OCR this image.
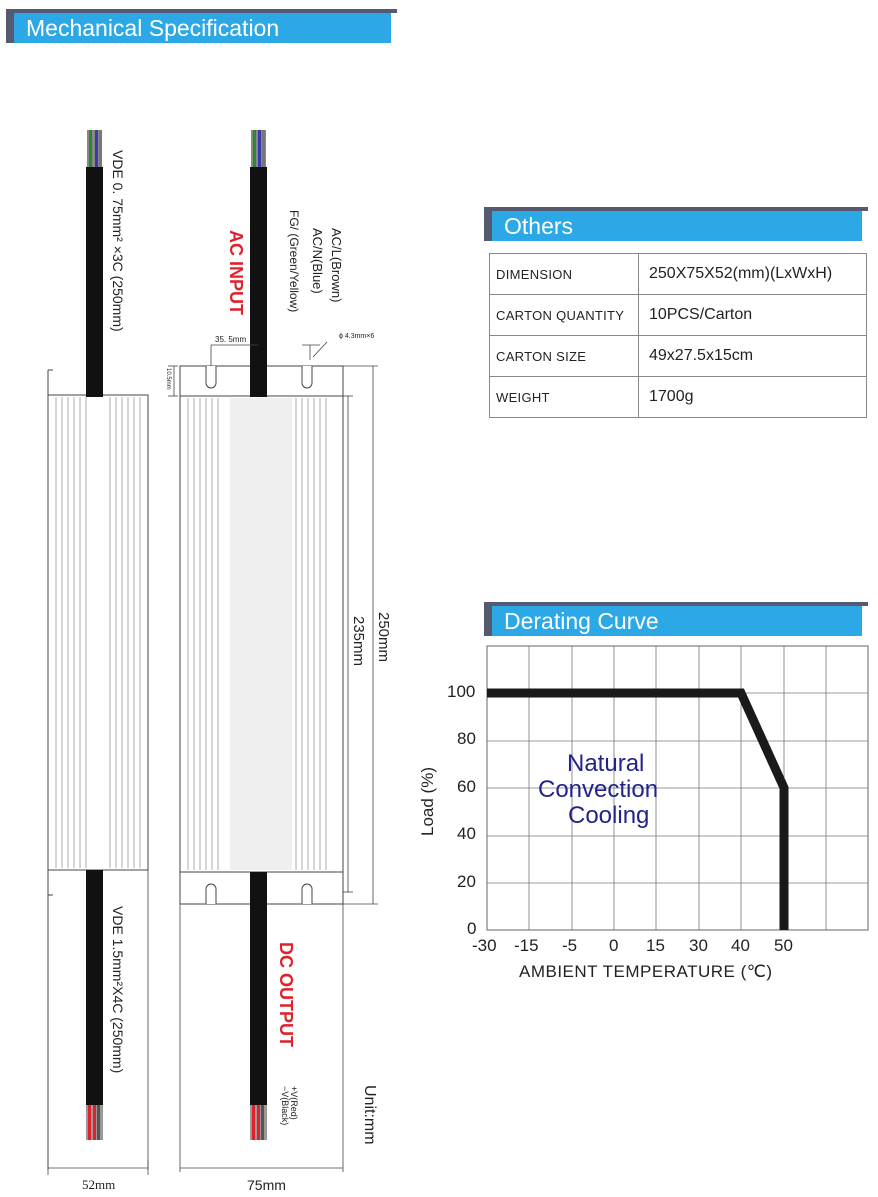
Mechanical Specification
Others
Derating Curve
DIMENSION	250X75X52(mm)(LxWxH)
CARTON QUANTITY	10PCS/Carton
CARTON SIZE	49x27.5x15cm
WEIGHT	1700g
VDE 0. 75mm² ×3C (250mm)
VDE 1.5mm²X4C (250mm)
AC INPUT
DC OUTPUT
AC/L(Brown)
AC/N(Blue)
FG/ (Green/Yellow)
235mm 250mm
10.5mm
+V(Red)
−V(Black)	Unit:mm
35. 5mm	ϕ 4.3mm×6
52mm	75mm
-30 -15 -5 0 15 30 40 50
100
80
60
40
20
0
Load (%)
AMBIENT TEMPERATURE (℃)
Natural
Convection
Cooling
